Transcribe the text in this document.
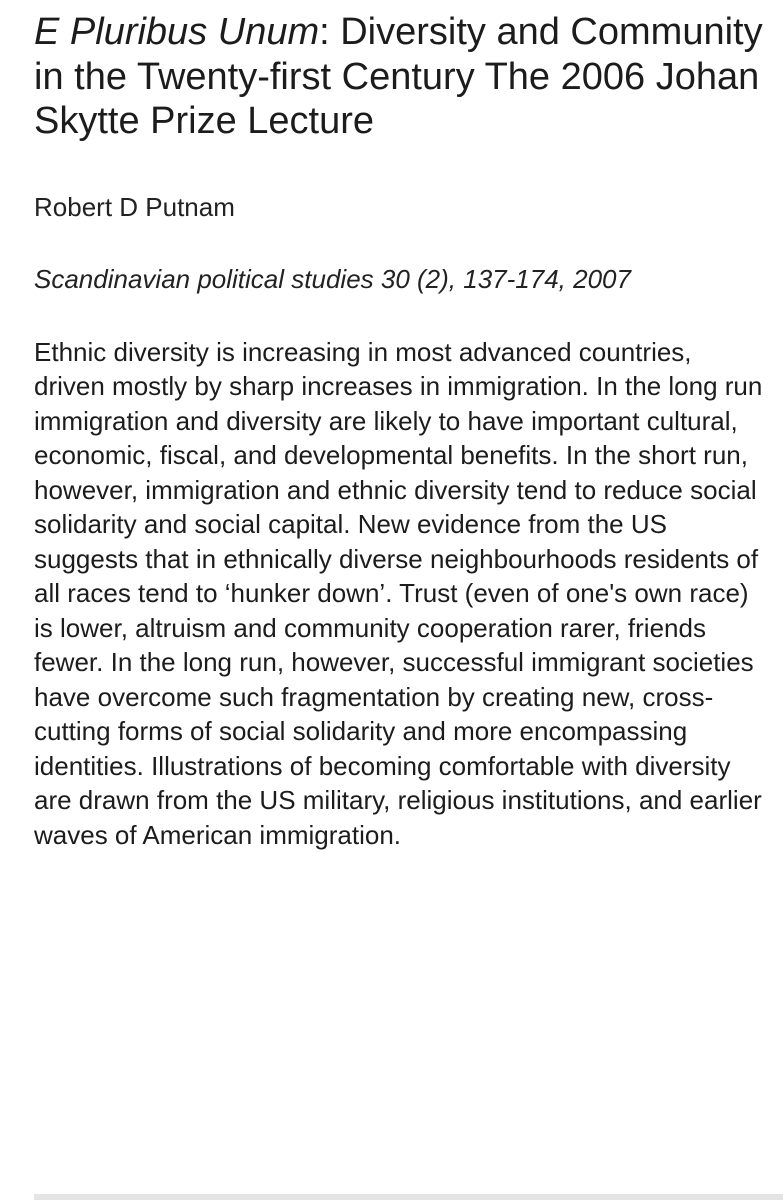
E Pluribus Unum: Diversity and Community in the Twenty-first Century The 2006 Johan Skytte Prize Lecture

Robert D Putnam

Scandinavian political studies 30 (2), 137-174, 2007

Ethnic diversity is increasing in most advanced countries, driven mostly by sharp increases in immigration. In the long run immigration and diversity are likely to have important cultural, economic, fiscal, and developmental benefits. In the short run, however, immigration and ethnic diversity tend to reduce social solidarity and social capital. New evidence from the US suggests that in ethnically diverse neighbourhoods residents of all races tend to ‘hunker down’. Trust (even of one's own race) is lower, altruism and community cooperation rarer, friends fewer. In the long run, however, successful immigrant societies have overcome such fragmentation by creating new, cross-cutting forms of social solidarity and more encompassing identities. Illustrations of becoming comfortable with diversity are drawn from the US military, religious institutions, and earlier waves of American immigration.
